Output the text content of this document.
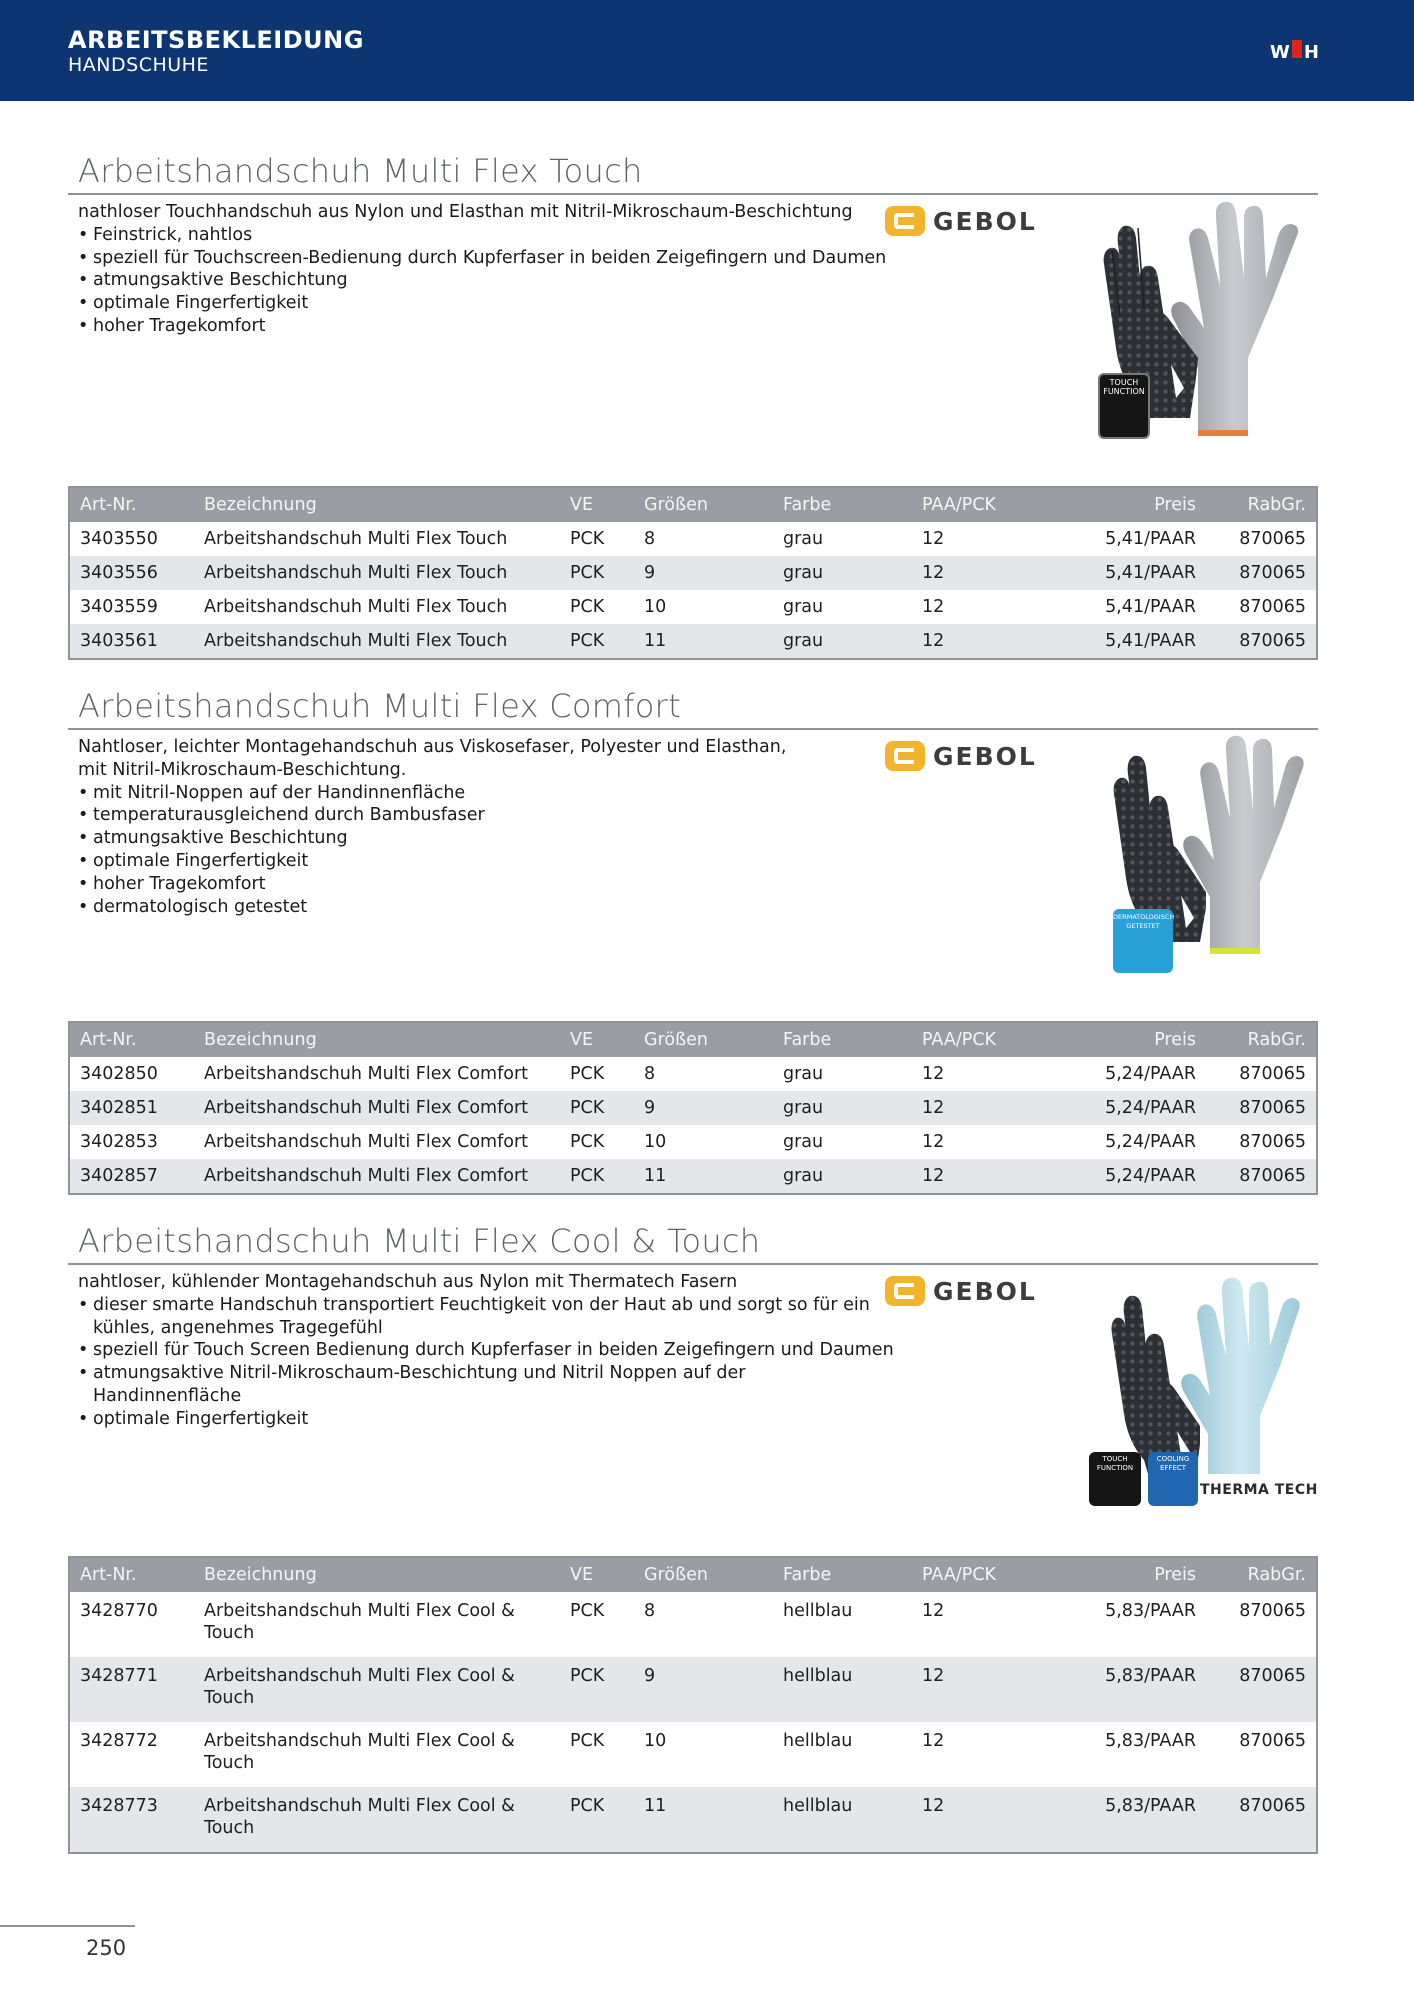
ARBEITSBEKLEIDUNG
HANDSCHUHE
W H
Arbeitshandschuh Multi Flex Touch
nathloser Touchhandschuh aus Nylon und Elasthan mit Nitril-Mikroschaum-Beschichtung
• Feinstrick, nahtlos
• speziell für Touchscreen-Bedienung durch Kupferfaser in beiden Zeigefingern und Daumen
• atmungsaktive Beschichtung
• optimale Fingerfertigkeit
• hoher Tragekomfort
GEBOL
TOUCH FUNCTION
Art-Nr.	Bezeichnung	VE	Größen	Farbe	PAA/PCK	Preis	RabGr.
3403550	Arbeitshandschuh Multi Flex Touch	PCK	8	grau	12	5,41/PAAR	870065
3403556	Arbeitshandschuh Multi Flex Touch	PCK	9	grau	12	5,41/PAAR	870065
3403559	Arbeitshandschuh Multi Flex Touch	PCK	10	grau	12	5,41/PAAR	870065
3403561	Arbeitshandschuh Multi Flex Touch	PCK	11	grau	12	5,41/PAAR	870065
Arbeitshandschuh Multi Flex Comfort
Nahtloser, leichter Montagehandschuh aus Viskosefaser, Polyester und Elasthan,
mit Nitril-Mikroschaum-Beschichtung.
• mit Nitril-Noppen auf der Handinnenfläche
• temperaturausgleichend durch Bambusfaser
• atmungsaktive Beschichtung
• optimale Fingerfertigkeit
• hoher Tragekomfort
• dermatologisch getestet
GEBOL
DERMATOLOGISCH GETESTET
Art-Nr.	Bezeichnung	VE	Größen	Farbe	PAA/PCK	Preis	RabGr.
3402850	Arbeitshandschuh Multi Flex Comfort	PCK	8	grau	12	5,24/PAAR	870065
3402851	Arbeitshandschuh Multi Flex Comfort	PCK	9	grau	12	5,24/PAAR	870065
3402853	Arbeitshandschuh Multi Flex Comfort	PCK	10	grau	12	5,24/PAAR	870065
3402857	Arbeitshandschuh Multi Flex Comfort	PCK	11	grau	12	5,24/PAAR	870065
Arbeitshandschuh Multi Flex Cool & Touch
nahtloser, kühlender Montagehandschuh aus Nylon mit Thermatech Fasern
• dieser smarte Handschuh transportiert Feuchtigkeit von der Haut ab und sorgt so für ein
kühles, angenehmes Tragegefühl
• speziell für Touch Screen Bedienung durch Kupferfaser in beiden Zeigefingern und Daumen
• atmungsaktive Nitril-Mikroschaum-Beschichtung und Nitril Noppen auf der
Handinnenfläche
• optimale Fingerfertigkeit
GEBOL
TOUCH FUNCTION
COOLING EFFECT
THERMA TECH
Art-Nr.	Bezeichnung	VE	Größen	Farbe	PAA/PCK	Preis	RabGr.
3428770	Arbeitshandschuh Multi Flex Cool &
Touch	PCK	8	hellblau	12	5,83/PAAR	870065
3428771	Arbeitshandschuh Multi Flex Cool &
Touch	PCK	9	hellblau	12	5,83/PAAR	870065
3428772	Arbeitshandschuh Multi Flex Cool &
Touch	PCK	10	hellblau	12	5,83/PAAR	870065
3428773	Arbeitshandschuh Multi Flex Cool &
Touch	PCK	11	hellblau	12	5,83/PAAR	870065
250
